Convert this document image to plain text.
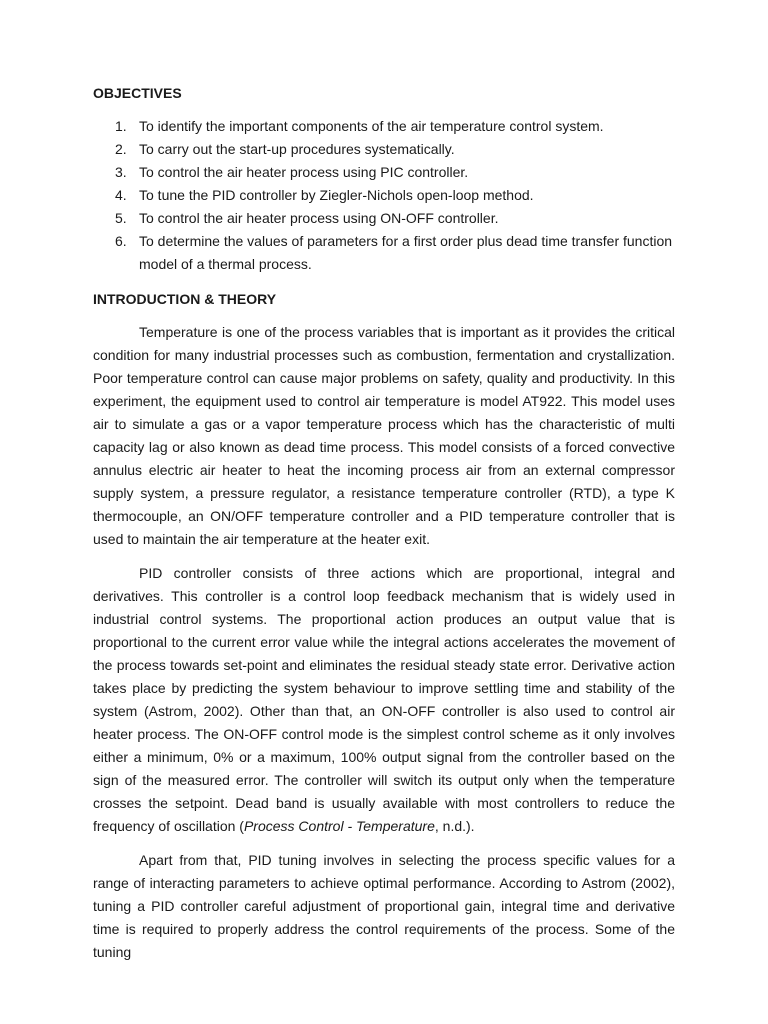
OBJECTIVES
1. To identify the important components of the air temperature control system.
2. To carry out the start-up procedures systematically.
3. To control the air heater process using PIC controller.
4. To tune the PID controller by Ziegler-Nichols open-loop method.
5. To control the air heater process using ON-OFF controller.
6. To determine the values of parameters for a first order plus dead time transfer function model of a thermal process.
INTRODUCTION & THEORY

Temperature is one of the process variables that is important as it provides the critical condition for many industrial processes such as combustion, fermentation and crystallization. Poor temperature control can cause major problems on safety, quality and productivity. In this experiment, the equipment used to control air temperature is model AT922. This model uses air to simulate a gas or a vapor temperature process which has the characteristic of multi capacity lag or also known as dead time process. This model consists of a forced convective annulus electric air heater to heat the incoming process air from an external compressor supply system, a pressure regulator, a resistance temperature controller (RTD), a type K thermocouple, an ON/OFF temperature controller and a PID temperature controller that is used to maintain the air temperature at the heater exit.

PID controller consists of three actions which are proportional, integral and derivatives. This controller is a control loop feedback mechanism that is widely used in industrial control systems. The proportional action produces an output value that is proportional to the current error value while the integral actions accelerates the movement of the process towards set-point and eliminates the residual steady state error. Derivative action takes place by predicting the system behaviour to improve settling time and stability of the system (Astrom, 2002). Other than that, an ON-OFF controller is also used to control air heater process. The ON-OFF control mode is the simplest control scheme as it only involves either a minimum, 0% or a maximum, 100% output signal from the controller based on the sign of the measured error. The controller will switch its output only when the temperature crosses the setpoint. Dead band is usually available with most controllers to reduce the frequency of oscillation (Process Control - Temperature, n.d.).

Apart from that, PID tuning involves in selecting the process specific values for a range of interacting parameters to achieve optimal performance. According to Astrom (2002), tuning a PID controller careful adjustment of proportional gain, integral time and derivative time is required to properly address the control requirements of the process. Some of the tuning
